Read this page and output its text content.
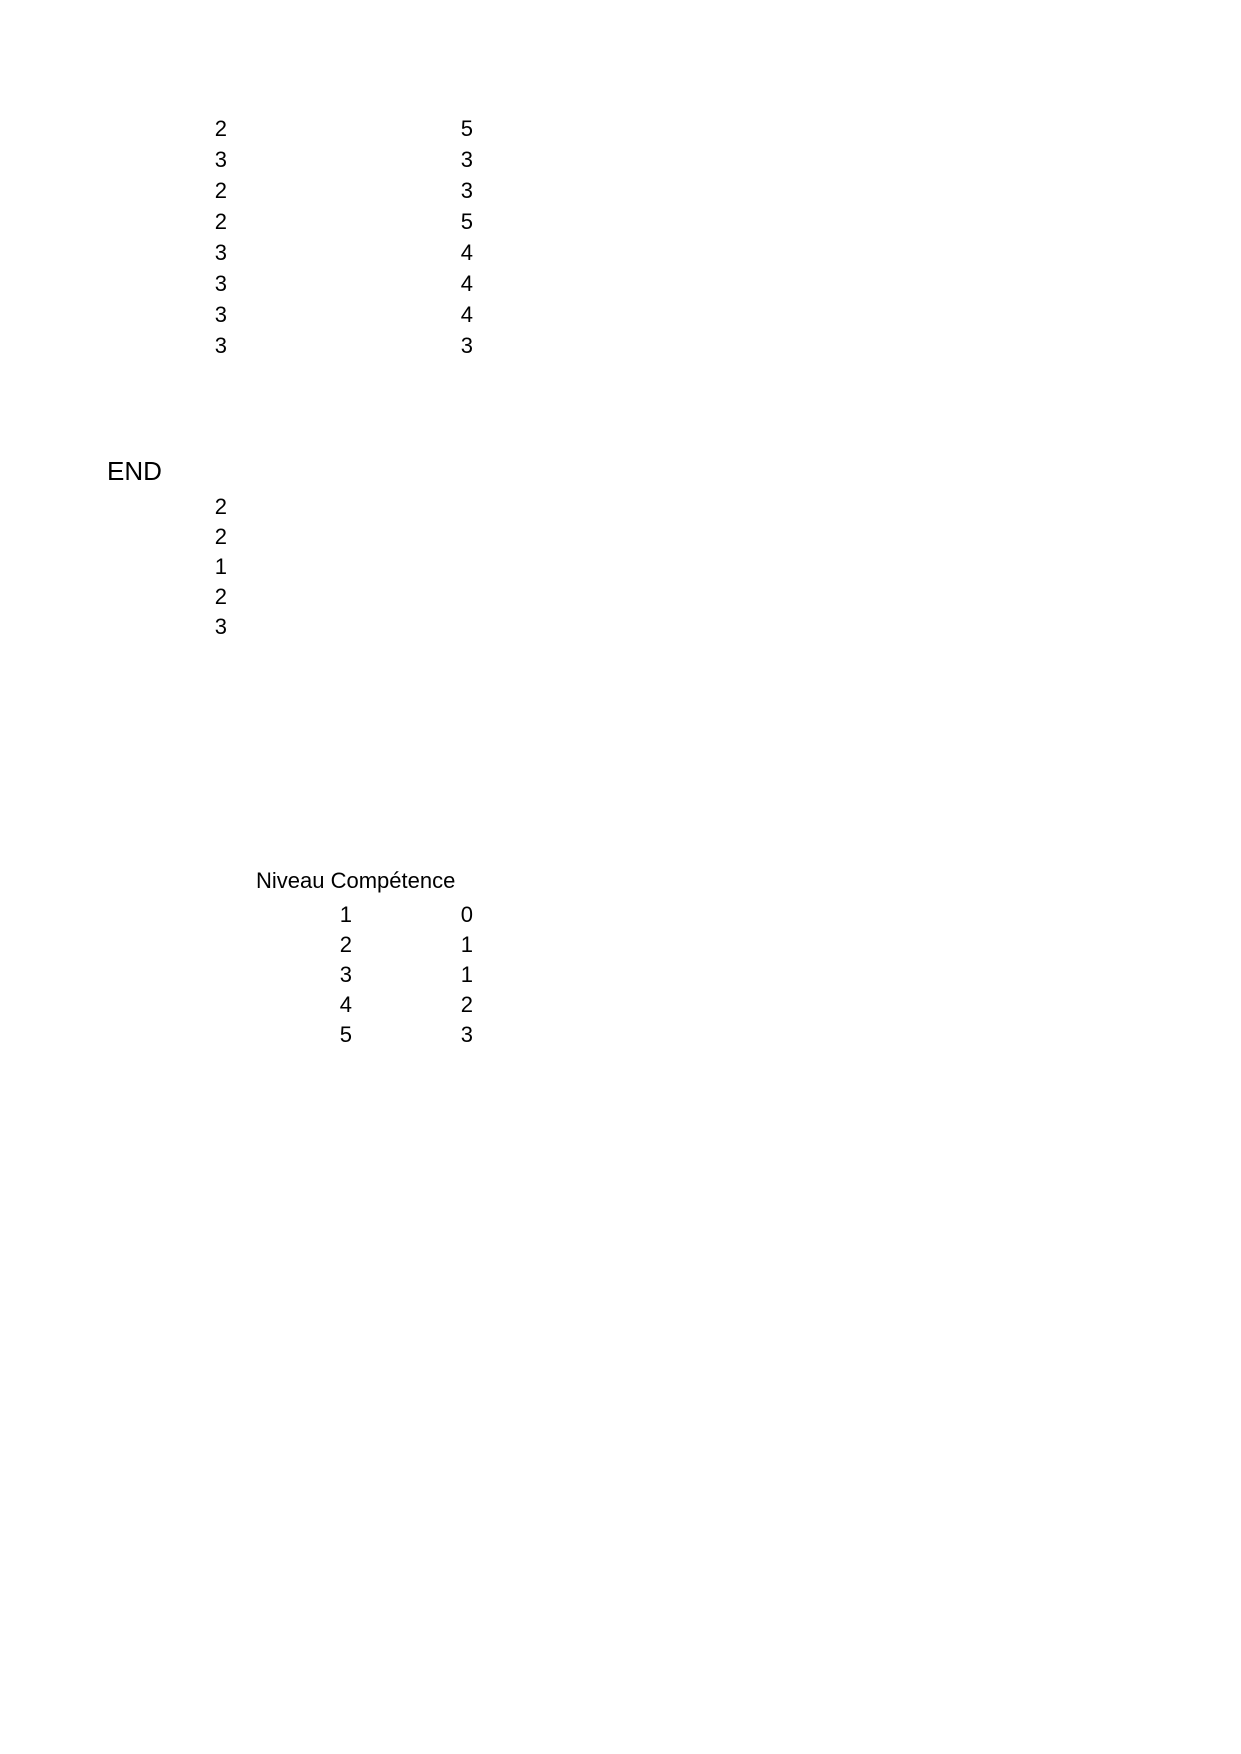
2	5
3	3
2	3
2	5
3	4
3	4
3	4
3	3
END
2
2
1
2
3
Niveau Compétence
1	0
2	1
3	1
4	2
5	3
